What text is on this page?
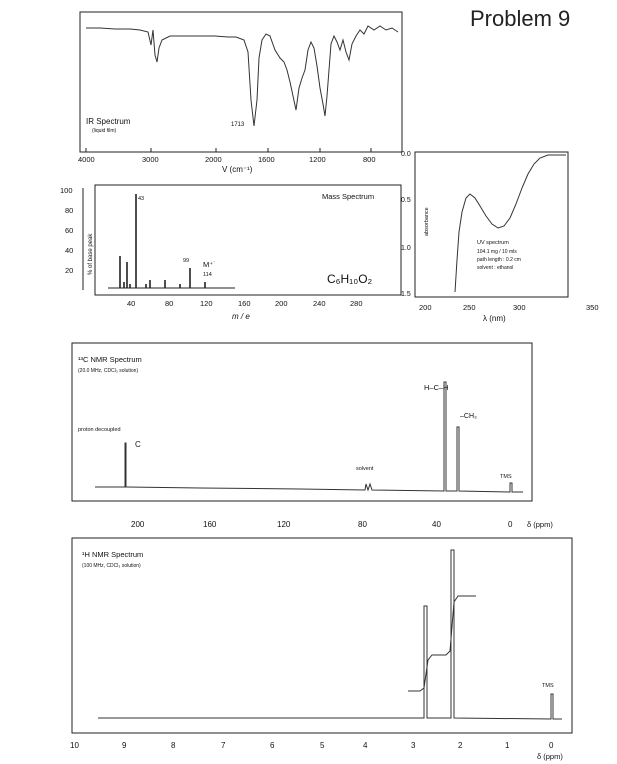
Problem 9
IR Spectrum
(liquid film)
1713
4000	3000	2000	1600	1200	800
V (cm⁻¹)
100
80
60
40
20 % of base peak
43
99 M⁺˙
114
Mass Spectrum
C₆H₁₀O₂
40	80	120	160	200	240	280
m / e
0.0
0.5
1.0
1.5
absorbance
UV spectrum
104.1 mg / 10 mls
path length : 0.2 cm
solvent : ethanol
200	250	300	350
λ (nm)
¹³C NMR Spectrum
(20.0 MHz, CDCl₃ solution)
proton decoupled
C
H–C–H
–CH₃
solvent
TMS
200	160	120	80	40	0 δ (ppm)
¹H NMR Spectrum
(100 MHz, CDCl₃ solution)
TMS
10	9	8	7	6	5	4	3	2	1	0
δ (ppm)
